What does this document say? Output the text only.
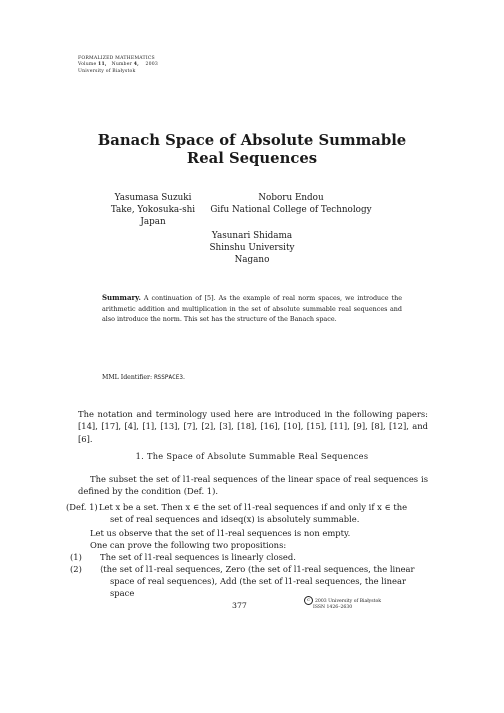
FORMALIZED MATHEMATICS
Volume 11, Number 4, 2003
University of Białystok
Banach Space of Absolute Summable
Real Sequences
Yasumasa Suzuki
Take, Yokosuka-shi
Japan
Noboru Endou
Gifu National College of Technology
Yasunari Shidama
Shinshu University
Nagano
Summary. A continuation of [5]. As the example of real norm spaces, we introduce the arithmetic addition and multiplication in the set of absolute summable real sequences and also introduce the norm. This set has the structure of the Banach space.
MML Identifier: RSSPACE3.
The notation and terminology used here are introduced in the following papers: [14], [17], [4], [1], [13], [7], [2], [3], [18], [16], [10], [15], [11], [9], [8], [12], and [6].
1. The Space of Absolute Summable Real Sequences
The subset the set of l1-real sequences of the linear space of real sequences is defined by the condition (Def. 1).
(Def. 1) Let x be a set. Then x ∈ the set of l1-real sequences if and only if x ∈ the
set of real sequences and idseq(x) is absolutely summable.
Let us observe that the set of l1-real sequences is non empty.
One can prove the following two propositions:
(1) The set of l1-real sequences is linearly closed.
(2) ⟨the set of l1-real sequences, Zero (the set of l1-real sequences, the linear
space of real sequences), Add (the set of l1-real sequences, the linear space
377
c 2003 University of Białystok
ISSN 1426–2630
